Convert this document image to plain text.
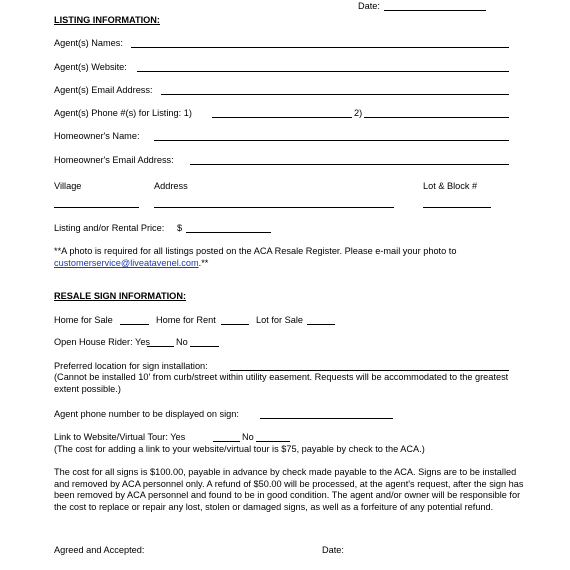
Date:
LISTING INFORMATION:
Agent(s) Names:
Agent(s) Website:
Agent(s) Email Address:
Agent(s) Phone #(s) for Listing: 1)	2)
Homeowner's Name:
Homeowner's Email Address:
Village	Address	Lot & Block #
Listing and/or Rental Price: $
**A photo is required for all listings posted on the ACA Resale Register. Please e-mail your photo to
customerservice@liveatavenel.com.**
RESALE SIGN INFORMATION:
Home for Sale	Home for Rent	Lot for Sale
Open House Rider: Yes	No
Preferred location for sign installation:
(Cannot be installed 10' from curb/street within utility easement. Requests will be accommodated to the greatest extent possible.)
Agent phone number to be displayed on sign:
Link to Website/Virtual Tour: Yes	No
(The cost for adding a link to your website/virtual tour is $75, payable by check to the ACA.)
The cost for all signs is $100.00, payable in advance by check made payable to the ACA. Signs are to be installed and removed by ACA personnel only. A refund of $50.00 will be processed, at the agent's request, after the sign has been removed by ACA personnel and found to be in good condition. The agent and/or owner will be responsible for the cost to replace or repair any lost, stolen or damaged signs, as well as a forfeiture of any potential refund.
Agreed and Accepted:	Date:
